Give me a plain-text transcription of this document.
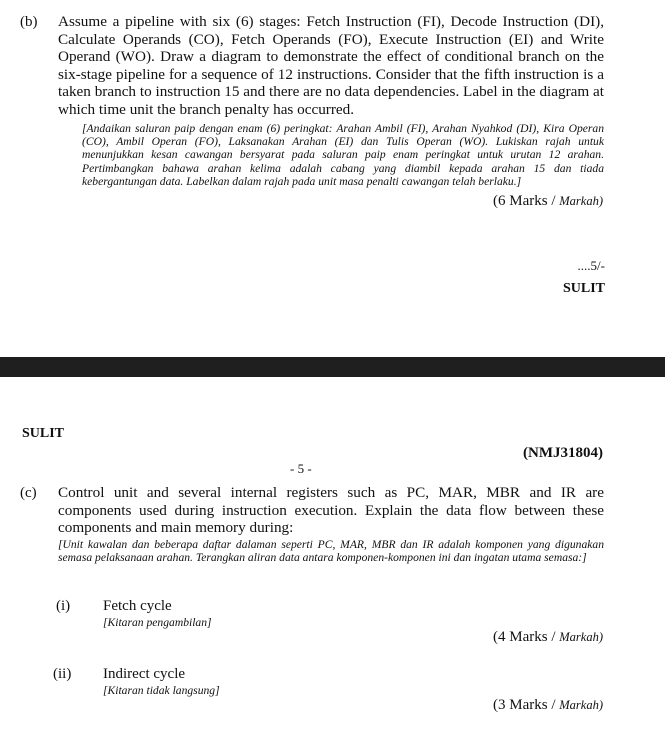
(b) Assume a pipeline with six (6) stages: Fetch Instruction (FI), Decode Instruction (DI), Calculate Operands (CO), Fetch Operands (FO), Execute Instruction (EI) and Write Operand (WO). Draw a diagram to demonstrate the effect of conditional branch on the six-stage pipeline for a sequence of 12 instructions. Consider that the fifth instruction is a taken branch to instruction 15 and there are no data dependencies. Label in the diagram at which time unit the branch penalty has occurred.
[Andaikan saluran paip dengan enam (6) peringkat: Arahan Ambil (FI), Arahan Nyahkod (DI), Kira Operan (CO), Ambil Operan (FO), Laksanakan Arahan (EI) dan Tulis Operan (WO). Lukiskan rajah untuk menunjukkan kesan cawangan bersyarat pada saluran paip enam peringkat untuk urutan 12 arahan. Pertimbangkan bahawa arahan kelima adalah cabang yang diambil kepada arahan 15 dan tiada kebergantungan data. Labelkan dalam rajah pada unit masa penalti cawangan telah berlaku.]
(6 Marks / Markah)
....5/-
SULIT
SULIT
(NMJ31804)
- 5 -
(c) Control unit and several internal registers such as PC, MAR, MBR and IR are components used during instruction execution. Explain the data flow between these components and main memory during:
[Unit kawalan dan beberapa daftar dalaman seperti PC, MAR, MBR dan IR adalah komponen yang digunakan semasa pelaksanaan arahan. Terangkan aliran data antara komponen-komponen ini dan ingatan utama semasa:]
(i) Fetch cycle
[Kitaran pengambilan]
(4 Marks / Markah)
(ii) Indirect cycle
[Kitaran tidak langsung]
(3 Marks / Markah)
